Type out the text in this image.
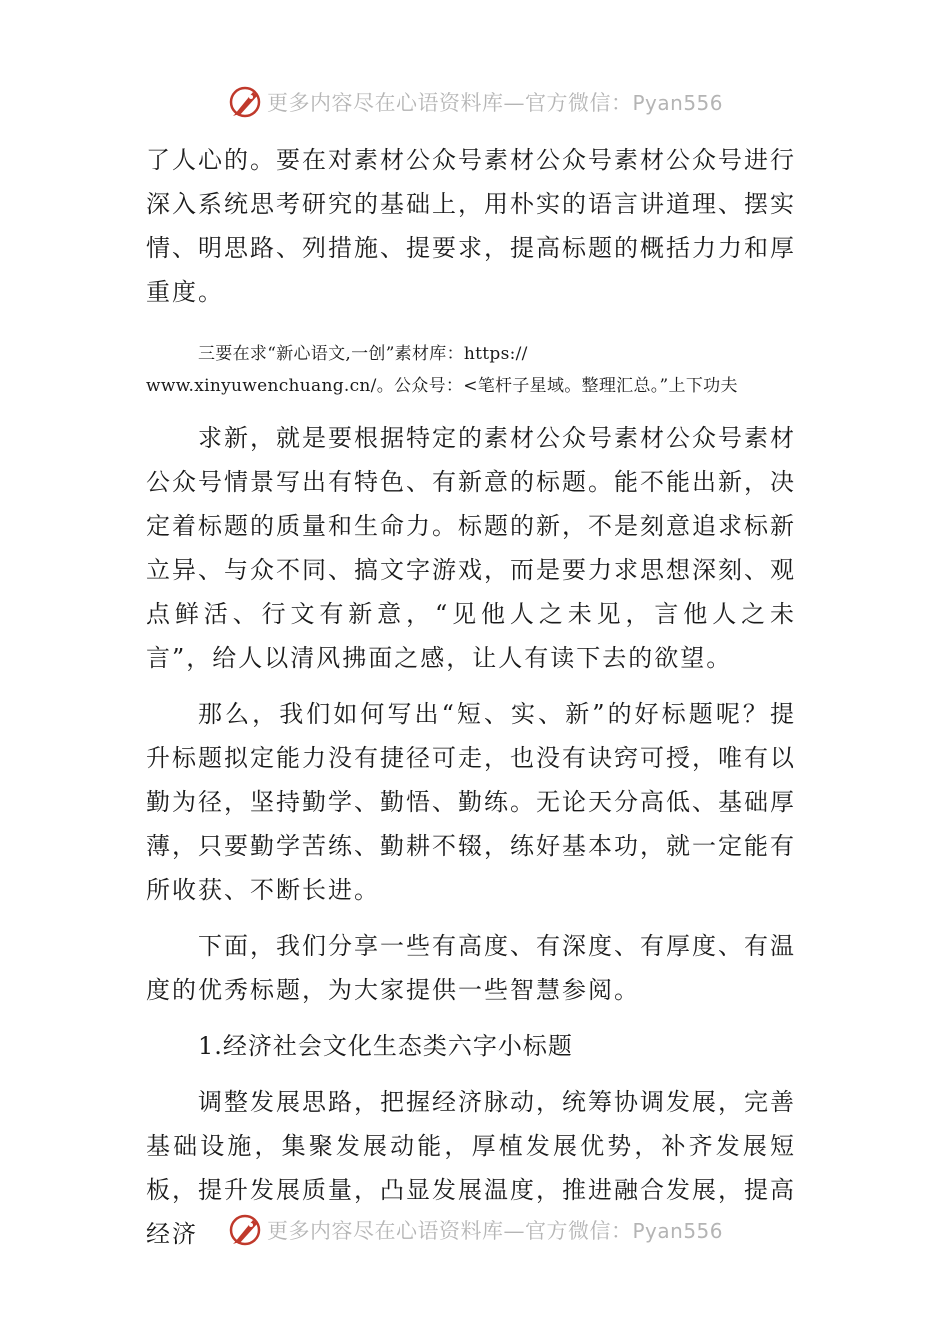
更多内容尽在心语资料库—官方微信：Pyan556

了人心的。要在对素材公众号素材公众号素材公众号进行深入系统思考研究的基础上，用朴实的语言讲道理、摆实情、明思路、列措施、提要求，提高标题的概括力力和厚重度。

三要在求“新心语文,一创”素材库：https://
www.xinyuwenchuang.cn/。公众号：<笔杆子星域。整理汇总。”上下功夫

求新，就是要根据特定的素材公众号素材公众号素材公众号情景写出有特色、有新意的标题。能不能出新，决定着标题的质量和生命力。标题的新，不是刻意追求标新立异、与众不同、搞文字游戏，而是要力求思想深刻、观点鲜活、行文有新意，“见他人之未见，言他人之未言”，给人以清风拂面之感，让人有读下去的欲望。

那么，我们如何写出“短、实、新”的好标题呢？提升标题拟定能力没有捷径可走，也没有诀窍可授，唯有以勤为径，坚持勤学、勤悟、勤练。无论天分高低、基础厚薄，只要勤学苦练、勤耕不辍，练好基本功，就一定能有所收获、不断长进。

下面，我们分享一些有高度、有深度、有厚度、有温度的优秀标题，为大家提供一些智慧参阅。

1.经济社会文化生态类六字小标题

调整发展思路，把握经济脉动，统筹协调发展，完善基础设施，集聚发展动能，厚植发展优势，补齐发展短板，提升发展质量，凸显发展温度，推进融合发展，提高经济	更多内容尽在心语资料库—官方微信：Pyan556
